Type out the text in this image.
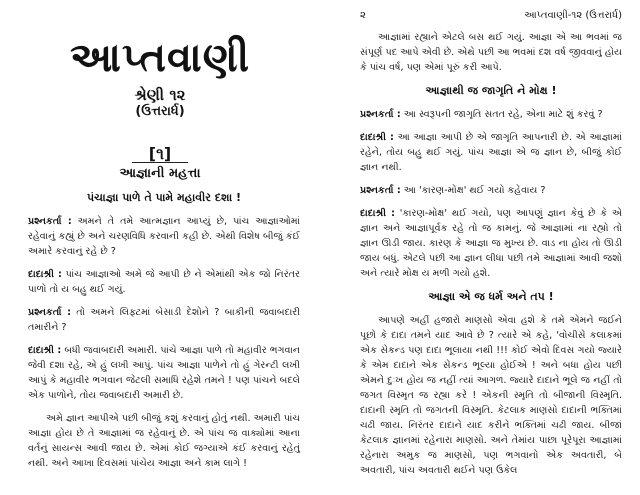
આપ્તવાણી
શ્રેણી ૧૨
(ઉત્તરાર્ધ)
[૧]
આજ્ઞાની મહત્તા
પંચાજ્ઞા પાળે તે પામે મહાવીર દશા !

પ્રશ્નકર્તા : અમને તે તમે આત્મજ્ઞાન આપ્યું છે, પાંચ આજ્ઞાઓમાં રહેવાનું કહ્યું છે અને ચરણવિધિ કરવાની કહી છે. એથી વિશેષ બીજું કંઈ અમારે કરવાનું રહે છે ?

દાદાશ્રી : પાંચ આજ્ઞાઓ અમે જે આપી છે ને એમાંથી એક જો નિરંતર પાળો તો ય બહુ થઈ ગયું.

પ્રશ્નકર્તા : તો અમને લિફ્ટમાં બેસાડી દેશોને ? બાકીની જવાબદારી તમારીને ?

દાદાશ્રી : બધી જવાબદારી અમારી. પાંચે આજ્ઞા પાળે તો મહાવીર ભગવાન જેવી દશા રહે, એ હું લખી આપું. પાંચ આજ્ઞા પાળેને તો હું ગેરન્ટી લખી આપું કે મહાવીર ભગવાન જેટલી સમાધિ રહેશે તમને ! પણ પાંચને બદલે એક પાળોને, તોય જવાબદારી અમારી છે.

અમે જ્ઞાન આપીએ પછી બીજું કશું કરવાનું હોતું નથી. અમારી પાંચ આજ્ઞા હોય છે તે આજ્ઞામાં જ રહેવાનું છે. એ પાંચ જ વાક્યોમાં આના વર્તનું સાયન્સ આવી જાય છે. એમાં કોઈ જગ્યાએ કંઈ કરવાનું રહેતું નથી. અને આખા દિવસમાં પાંચેય આજ્ઞા અને કામ લાગે !

૨	આપ્તવાણી-૧૨ (ઉત્તરાર્ધ)

આજ્ઞામાં રહ્યાને એટલે બસ થઈ ગયું. આજ્ઞા એ આ ભવમાં જ સંપૂર્ણ પદ આપે એવી છે. એથે પછી આ ભવમાં દશ વર્ષ જીવવાનું હોય કે પાંચ વર્ષ, પણ એમાં પૂરું કરી આપે.

આજ્ઞાથી જ જાગૃતિ ને મોક્ષ !

પ્રશ્નકર્તા : આ સ્વરૂપની જાગૃતિ સતત રહે, એના માટે શું કરવું ?

દાદાશ્રી : આ આજ્ઞા આપી છે એ જાગૃતિ આપનારી છે. એ આજ્ઞામાં રહેને, તોય બહુ થઈ ગયું. પાંચ આજ્ઞા એ જ જ્ઞાન છે, બીજું કોઈ જ્ઞાન નથી.

પ્રશ્નકર્તા : આ 'કારણ-મોક્ષ' થઈ ગયો કહેવાય ?

દાદાશ્રી : 'કારણ-મોક્ષ' થઈ ગયો, પણ આપણું જ્ઞાન કેવું છે કે એ જ્ઞાન અને આજ્ઞાપૂર્વક રહે તો જ કામનું. જે આજ્ઞામાં ના રહ્યો તો જ્ઞાન ઊડી જાય. કારણ કે આજ્ઞા જ મુખ્ય છે. વાડ ના હોય તો ઊડી જાય બધું. એટલે પછી આ જ્ઞાન લીધા પછી તમે આજ્ઞામાં આવી જશો અને ત્યારે મોક્ષ ય મળી ગયો હશે.

આજ્ઞા એ જ ધર્મ અને તપ !

આપણે અહીં હજારો માણસો એવા હશે કે તમે એમને જઈને પૂછો કે દાદા તમને યાદ આવે છે ? ત્યારે એ કહે, 'વોચીસે કલાકમાં એક સેકન્ડ પણ દાદા ભૂલાયા નથી !!! કોઈ એવો દિવસ ગયો જ્યારે કે એમ દાદાને એક સેકન્ડ ભૂલ્યા હોઈએ ! અને બધા હોય પછી એમને દુઃખ હોય જ નહીં ત્યાં આગળ. જ્યારે દાદાને ભૂલે જ નહીં તો જગત વિસ્મૃત જ રહ્યા કરે ! એકની સ્મૃતિ તો બીજાની વિસ્મૃતિ. દાદાની સ્મૃતિ તો જગતની વિસ્મૃતિ. કેટલાક માણસો દાદાની ભક્તિમાં ચઢી જાય. નિરંતર દાદાને યાદ કરીને ભક્તિમાં ચઢી જાય. બીજાં કેટલાક જ્ઞાનમાં રહેનારા માણસો. અને તેમાંય પાછા પૂરેપૂરા આજ્ઞામાં રહેનારા અમુક જ માણસો, પણ ભગવાનો એક અવતારી, બે અવતારી, પાંચ અવતારી થઈને પણ ઉકેલ
